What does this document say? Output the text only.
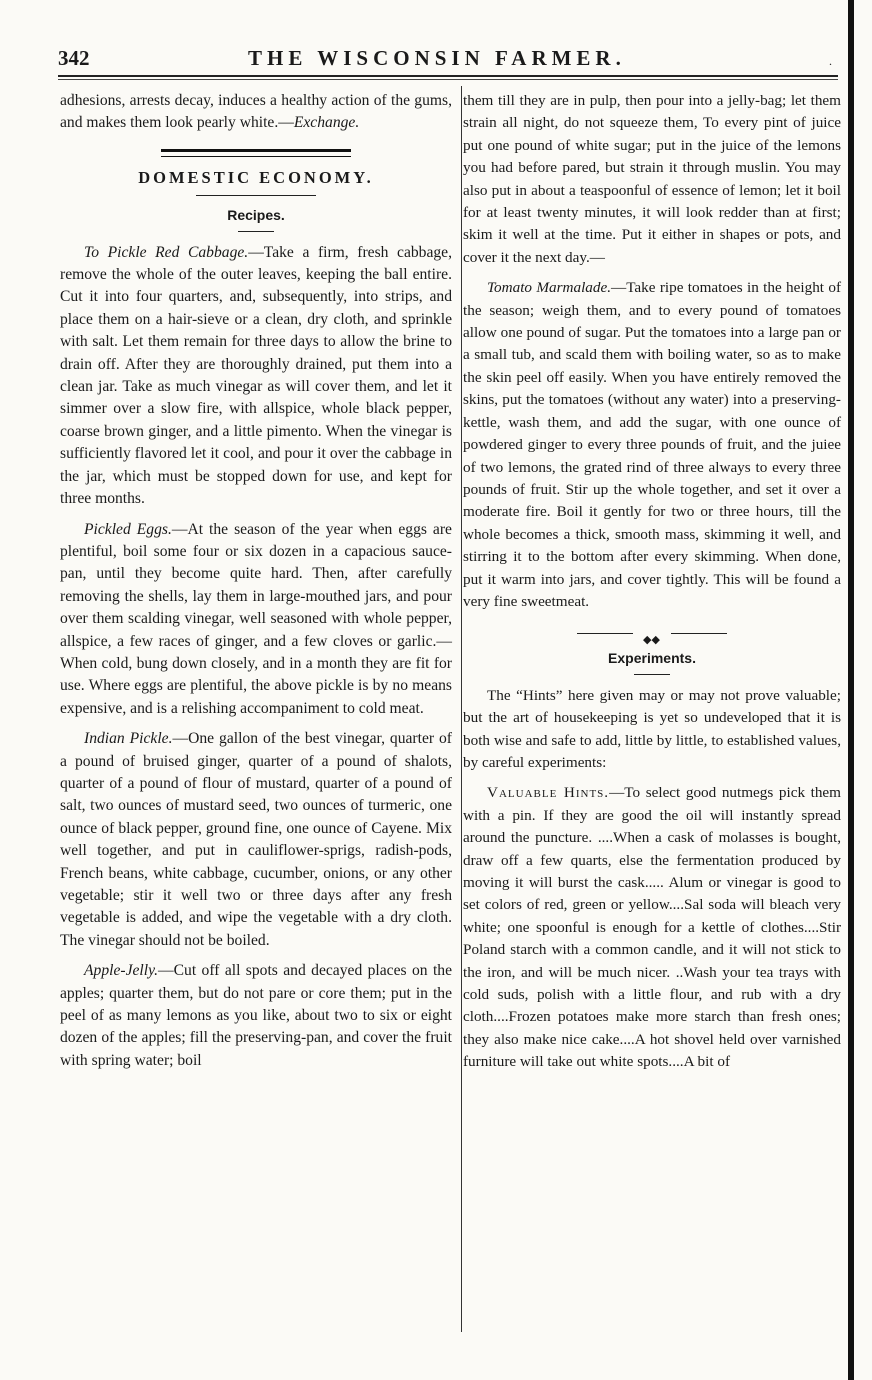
342	THE WISCONSIN FARMER.	.

adhesions, arrests decay, induces a healthy action of the gums, and makes them look pearly white.—Exchange.

DOMESTIC ECONOMY.
Recipes.

To Pickle Red Cabbage.—Take a firm, fresh cabbage, remove the whole of the outer leaves, keeping the ball entire. Cut it into four quarters, and, subsequently, into strips, and place them on a hair-sieve or a clean, dry cloth, and sprinkle with salt. Let them remain for three days to allow the brine to drain off. After they are thoroughly drained, put them into a clean jar. Take as much vinegar as will cover them, and let it simmer over a slow fire, with allspice, whole black pepper, coarse brown ginger, and a little pimento. When the vinegar is sufficiently flavored let it cool, and pour it over the cabbage in the jar, which must be stopped down for use, and kept for three months.

Pickled Eggs.—At the season of the year when eggs are plentiful, boil some four or six dozen in a capacious sauce-pan, until they become quite hard. Then, after carefully removing the shells, lay them in large-mouthed jars, and pour over them scalding vinegar, well seasoned with whole pepper, allspice, a few races of ginger, and a few cloves or garlic.—When cold, bung down closely, and in a month they are fit for use. Where eggs are plentiful, the above pickle is by no means expensive, and is a relishing accompaniment to cold meat.

Indian Pickle.—One gallon of the best vinegar, quarter of a pound of bruised ginger, quarter of a pound of shalots, quarter of a pound of flour of mustard, quarter of a pound of salt, two ounces of mustard seed, two ounces of turmeric, one ounce of black pepper, ground fine, one ounce of Cayene. Mix well together, and put in cauliflower-sprigs, radish-pods, French beans, white cabbage, cucumber, onions, or any other vegetable; stir it well two or three days after any fresh vegetable is added, and wipe the vegetable with a dry cloth. The vinegar should not be boiled.

Apple-Jelly.—Cut off all spots and decayed places on the apples; quarter them, but do not pare or core them; put in the peel of as many lemons as you like, about two to six or eight dozen of the apples; fill the preserving-pan, and cover the fruit with spring water; boil

them till they are in pulp, then pour into a jelly-bag; let them strain all night, do not squeeze them, To every pint of juice put one pound of white sugar; put in the juice of the lemons you had before pared, but strain it through muslin. You may also put in about a teaspoonful of essence of lemon; let it boil for at least twenty minutes, it will look redder than at first; skim it well at the time. Put it either in shapes or pots, and cover it the next day.—

Tomato Marmalade.—Take ripe tomatoes in the height of the season; weigh them, and to every pound of tomatoes allow one pound of sugar. Put the tomatoes into a large pan or a small tub, and scald them with boiling water, so as to make the skin peel off easily. When you have entirely removed the skins, put the tomatoes (without any water) into a preserving-kettle, wash them, and add the sugar, with one ounce of powdered ginger to every three pounds of fruit, and the juiee of two lemons, the grated rind of three always to every three pounds of fruit. Stir up the whole together, and set it over a moderate fire. Boil it gently for two or three hours, till the whole becomes a thick, smooth mass, skimming it well, and stirring it to the bottom after every skimming. When done, put it warm into jars, and cover tightly. This will be found a very fine sweetmeat.

◆◆
Experiments.

The “Hints” here given may or may not prove valuable; but the art of housekeeping is yet so undeveloped that it is both wise and safe to add, little by little, to established values, by careful experiments:

Valuable Hints.—To select good nutmegs pick them with a pin. If they are good the oil will instantly spread around the puncture. ....When a cask of molasses is bought, draw off a few quarts, else the fermentation produced by moving it will burst the cask..... Alum or vinegar is good to set colors of red, green or yellow....Sal soda will bleach very white; one spoonful is enough for a kettle of clothes....Stir Poland starch with a common candle, and it will not stick to the iron, and will be much nicer. ..Wash your tea trays with cold suds, polish with a little flour, and rub with a dry cloth....Frozen potatoes make more starch than fresh ones; they also make nice cake....A hot shovel held over varnished furniture will take out white spots....A bit of
